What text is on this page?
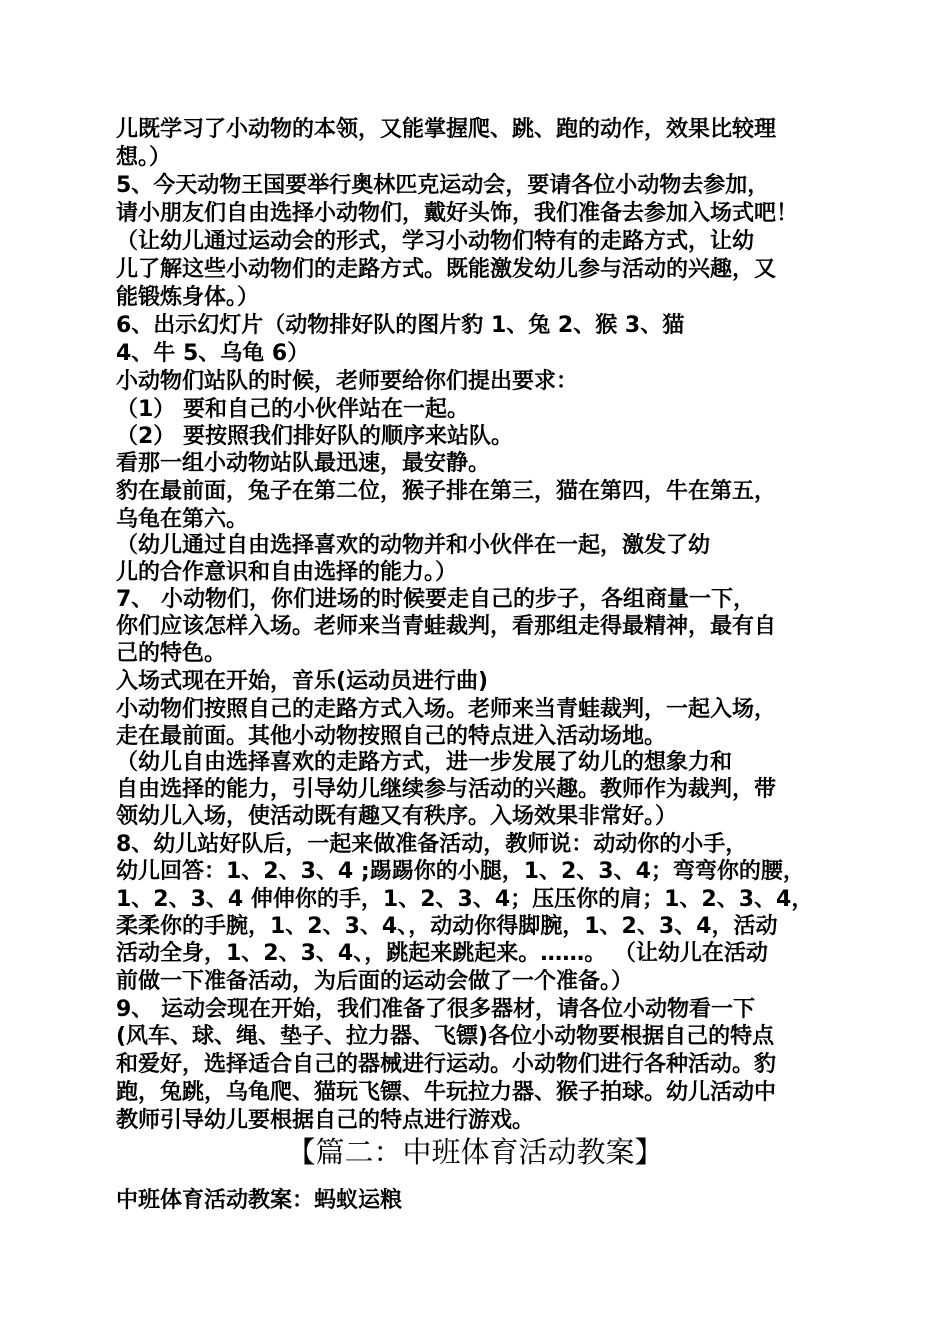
儿既学习了小动物的本领，又能掌握爬、跳、跑的动作，效果比较理
想。）
5、今天动物王国要举行奥林匹克运动会，要请各位小动物去参加，
请小朋友们自由选择小动物们，戴好头饰，我们准备去参加入场式吧！
（让幼儿通过运动会的形式，学习小动物们特有的走路方式，让幼
儿了解这些小动物们的走路方式。既能激发幼儿参与活动的兴趣，又
能锻炼身体。）
6、出示幻灯片（动物排好队的图片豹 1、兔 2、猴 3、猫
4、牛 5、乌龟 6）
小动物们站队的时候，老师要给你们提出要求：
（1） 要和自己的小伙伴站在一起。
（2） 要按照我们排好队的顺序来站队。
看那一组小动物站队最迅速，最安静。
豹在最前面，兔子在第二位，猴子排在第三，猫在第四，牛在第五，
乌龟在第六。
（幼儿通过自由选择喜欢的动物并和小伙伴在一起，激发了幼
儿的合作意识和自由选择的能力。）
7、 小动物们，你们进场的时候要走自己的步子，各组商量一下，
你们应该怎样入场。老师来当青蛙裁判，看那组走得最精神，最有自
己的特色。
入场式现在开始，音乐(运动员进行曲)
小动物们按照自己的走路方式入场。老师来当青蛙裁判，一起入场，
走在最前面。其他小动物按照自己的特点进入活动场地。
（幼儿自由选择喜欢的走路方式，进一步发展了幼儿的想象力和
自由选择的能力，引导幼儿继续参与活动的兴趣。教师作为裁判，带
领幼儿入场，使活动既有趣又有秩序。入场效果非常好。）
8、幼儿站好队后，一起来做准备活动，教师说：动动你的小手，
幼儿回答：1、2、3、4 ;踢踢你的小腿，1、2、3、4；弯弯你的腰，
1、2、3、4 伸伸你的手，1、2、3、4；压压你的肩；1、2、3、4，
柔柔你的手腕，1、2、3、4、，动动你得脚腕，1、2、3、4，活动
活动全身，1、2、3、4、，跳起来跳起来。……。 （让幼儿在活动
前做一下准备活动，为后面的运动会做了一个准备。）
9、 运动会现在开始，我们准备了很多器材，请各位小动物看一下
(风车、球、绳、垫子、拉力器、飞镖)各位小动物要根据自己的特点
和爱好，选择适合自己的器械进行运动。小动物们进行各种活动。豹
跑，兔跳，乌龟爬、猫玩飞镖、牛玩拉力器、猴子拍球。幼儿活动中
教师引导幼儿要根据自己的特点进行游戏。
【篇二：中班体育活动教案】
中班体育活动教案：蚂蚁运粮
